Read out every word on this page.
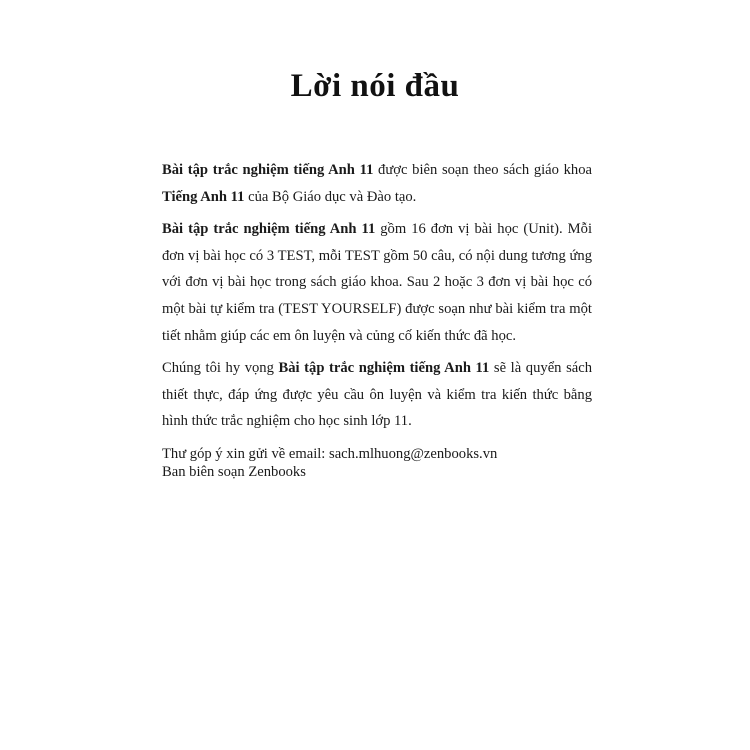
Lời nói đầu

Bài tập trắc nghiệm tiếng Anh 11 được biên soạn theo sách giáo khoa Tiếng Anh 11 của Bộ Giáo dục và Đào tạo.

Bài tập trắc nghiệm tiếng Anh 11 gồm 16 đơn vị bài học (Unit). Mỗi đơn vị bài học có 3 TEST, mỗi TEST gồm 50 câu, có nội dung tương ứng với đơn vị bài học trong sách giáo khoa. Sau 2 hoặc 3 đơn vị bài học có một bài tự kiểm tra (TEST YOURSELF) được soạn như bài kiểm tra một tiết nhằm giúp các em ôn luyện và củng cố kiến thức đã học.

Chúng tôi hy vọng Bài tập trắc nghiệm tiếng Anh 11 sẽ là quyển sách thiết thực, đáp ứng được yêu cầu ôn luyện và kiểm tra kiến thức bằng hình thức trắc nghiệm cho học sinh lớp 11.

Thư góp ý xin gửi về email: sach.mlhuong@zenbooks.vn

Ban biên soạn Zenbooks
